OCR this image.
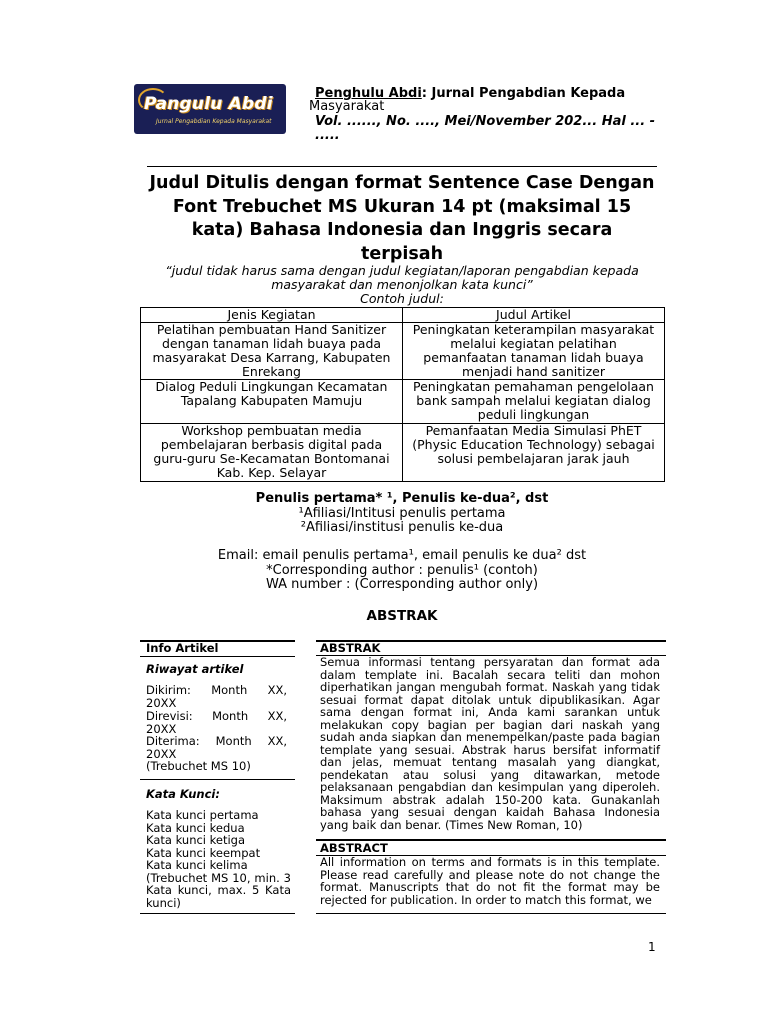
Pangulu Abdi
Jurnal Pengabdian Kepada Masyarakat
Penghulu Abdi: Jurnal Pengabdian Kepada
Masyarakat
Vol. ......, No. ...., Mei/November 202... Hal ... -
.....
Judul Ditulis dengan format Sentence Case Dengan
Font Trebuchet MS Ukuran 14 pt (maksimal 15
kata) Bahasa Indonesia dan Inggris secara
terpisah
“judul tidak harus sama dengan judul kegiatan/laporan pengabdian kepada
masyarakat dan menonjolkan kata kunci”
Contoh judul:
Jenis Kegiatan	Judul Artikel
Pelatihan pembuatan Hand Sanitizer dengan tanaman lidah buaya pada masyarakat Desa Karrang, Kabupaten Enrekang	Peningkatan keterampilan masyarakat melalui kegiatan pelatihan pemanfaatan tanaman lidah buaya menjadi hand sanitizer
Dialog Peduli Lingkungan Kecamatan Tapalang Kabupaten Mamuju	Peningkatan pemahaman pengelolaan bank sampah melalui kegiatan dialog peduli lingkungan
Workshop pembuatan media pembelajaran berbasis digital pada guru-guru Se-Kecamatan Bontomanai Kab. Kep. Selayar	Pemanfaatan Media Simulasi PhET (Physic Education Technology) sebagai solusi pembelajaran jarak jauh
Penulis pertama* ¹, Penulis ke-dua², dst
¹Afiliasi/Intitusi penulis pertama
²Afiliasi/institusi penulis ke-dua
Email: email penulis pertama¹, email penulis ke dua² dst
*Corresponding author : penulis¹ (contoh)
WA number : (Corresponding author only)
ABSTRAK
Info Artikel
Riwayat artikel
Dikirim: Month XX, 20XX
Direvisi: Month XX, 20XX
Diterima: Month XX, 20XX
(Trebuchet MS 10)
Kata Kunci:
Kata kunci pertama
Kata kunci kedua
Kata kunci ketiga
Kata kunci keempat
Kata kunci kelima
(Trebuchet MS 10, min. 3 Kata kunci, max. 5 Kata kunci)
ABSTRAK
Semua informasi tentang persyaratan dan format ada dalam template ini. Bacalah secara teliti dan mohon diperhatikan jangan mengubah format. Naskah yang tidak sesuai format dapat ditolak untuk dipublikasikan. Agar sama dengan format ini, Anda kami sarankan untuk melakukan copy bagian per bagian dari naskah yang sudah anda siapkan dan menempelkan/paste pada bagian template yang sesuai. Abstrak harus bersifat informatif dan jelas, memuat tentang masalah yang diangkat, pendekatan atau solusi yang ditawarkan, metode pelaksanaan pengabdian dan kesimpulan yang diperoleh. Maksimum abstrak adalah 150-200 kata. Gunakanlah bahasa yang sesuai dengan kaidah Bahasa Indonesia yang baik dan benar. (Times New Roman, 10)
ABSTRACT
All information on terms and formats is in this template. Please read carefully and please note do not change the format. Manuscripts that do not fit the format may be rejected for publication. In order to match this format, we
1
